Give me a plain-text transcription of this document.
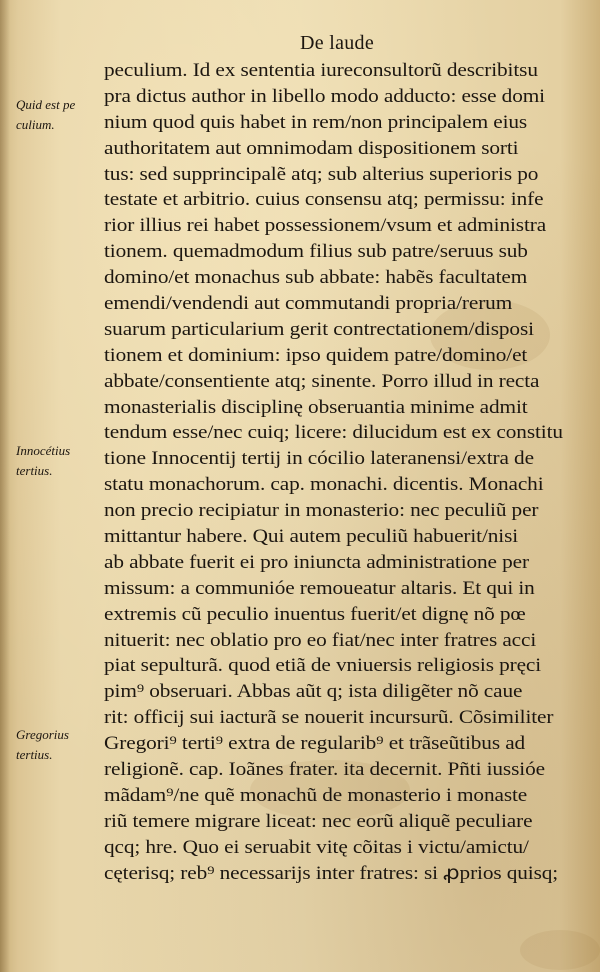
De laude
Quid est pe
culium.
Innocétius
tertius.
Gregorius
tertius.
peculium. Id ex sententia iureconsultorũ describitsu
pra dictus author in libello modo adducto: esse domi
nium quod quis habet in rem/non principalem eius
authoritatem aut omnimodam dispositionem sorti
tus: sed supprincipalẽ atq; sub alterius superioris po
testate et arbitrio. cuius consensu atq; permissu: infe
rior illius rei habet possessionem/vsum et administra
tionem. quemadmodum filius sub patre/seruus sub
domino/et monachus sub abbate: habẽs facultatem
emendi/vendendi aut commutandi propria/rerum
suarum particularium gerit contrectationem/disposi
tionem et dominium: ipso quidem patre/domino/et
abbate/consentiente atq; sinente. Porro illud in recta
monasterialis disciplinę obseruantia minime admit
tendum esse/nec cuiq; licere: dilucidum est ex constitu
tione Innocentij tertij in cócilio lateranensi/extra de
statu monachorum. cap. monachi. dicentis. Monachi
non precio recipiatur in monasterio: nec peculiũ per
mittantur habere. Qui autem peculiũ habuerit/nisi
ab abbate fuerit ei pro iniuncta administratione per
missum: a communióe remoueatur altaris. Et qui in
extremis cũ peculio inuentus fuerit/et dignę nõ pœ
nituerit: nec oblatio pro eo fiat/nec inter fratres acci
piat sepulturã. quod etiã de vniuersis religiosis pręci
pim⁹ obseruari. Abbas aũt q; ista diligẽter nõ caue
rit: officij sui iacturã se nouerit incursurũ. Cõsimiliter
Gregori⁹ terti⁹ extra de regularib⁹ et trãseũtibus ad
religionẽ. cap. Ioãnes frater. ita decernit. Pñti iussióe
mãdam⁹/ne quẽ monachũ de monasterio i monaste
riũ temere migrare liceat: nec eorũ aliquẽ peculiare
qcq; hre. Quo ei seruabit vitę cõitas i victu/amictu/
cęterisq; reb⁹ necessarijs inter fratres: si ꝓprios quisq;
